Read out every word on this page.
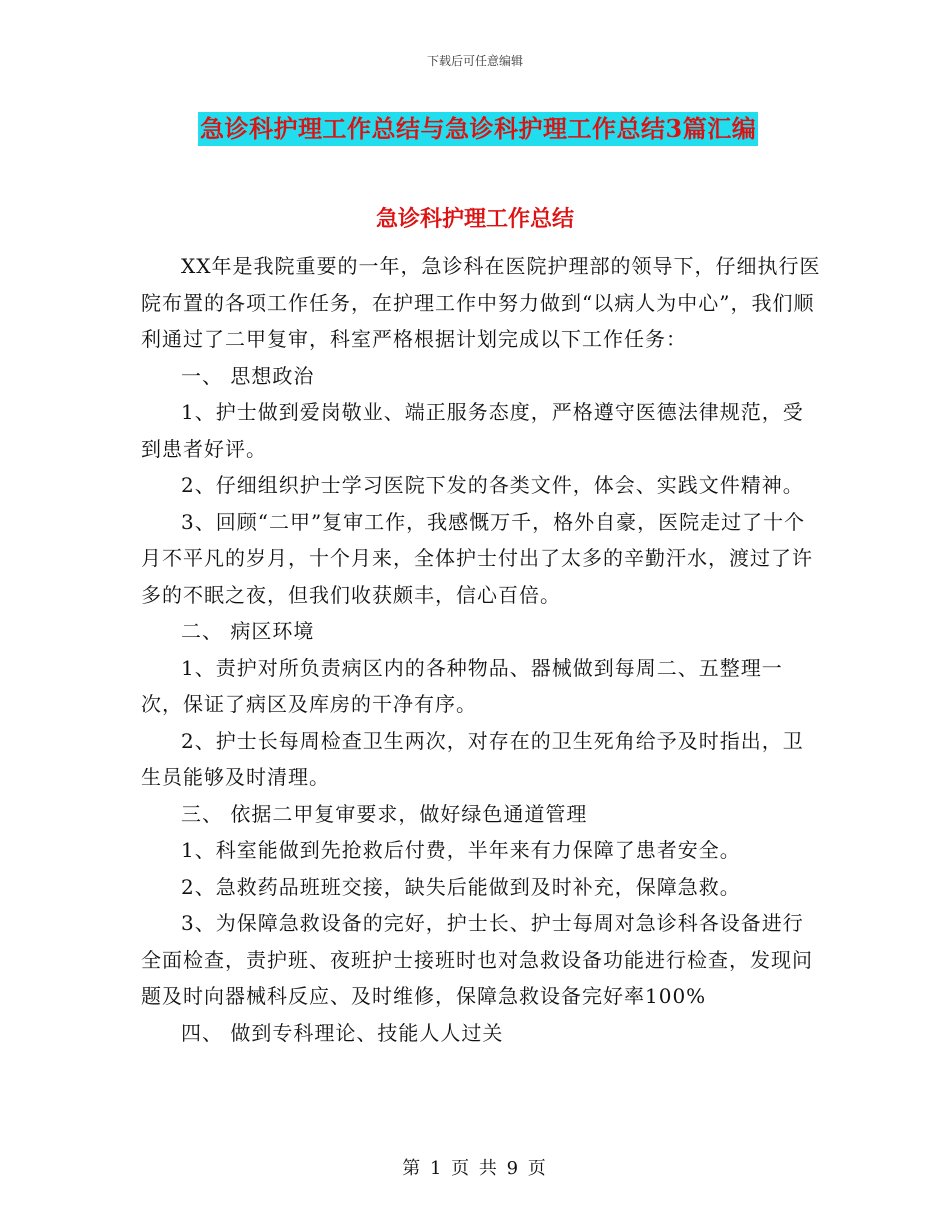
下载后可任意编辑
急诊科护理工作总结与急诊科护理工作总结3篇汇编
急诊科护理工作总结

XX年是我院重要的一年，急诊科在医院护理部的领导下，仔细执行医院布置的各项工作任务，在护理工作中努力做到“以病人为中心”，我们顺利通过了二甲复审，科室严格根据计划完成以下工作任务：

一、 思想政治

1、护士做到爱岗敬业、端正服务态度，严格遵守医德法律规范，受到患者好评。

2、仔细组织护士学习医院下发的各类文件，体会、实践文件精神。

3、回顾“二甲”复审工作，我感慨万千，格外自豪，医院走过了十个月不平凡的岁月，十个月来，全体护士付出了太多的辛勤汗水，渡过了许多的不眠之夜，但我们收获颇丰，信心百倍。

二、 病区环境

1、责护对所负责病区内的各种物品、器械做到每周二、五整理一次，保证了病区及库房的干净有序。

2、护士长每周检查卫生两次，对存在的卫生死角给予及时指出，卫生员能够及时清理。

三、 依据二甲复审要求，做好绿色通道管理

1、科室能做到先抢救后付费，半年来有力保障了患者安全。

2、急救药品班班交接，缺失后能做到及时补充，保障急救。

3、为保障急救设备的完好，护士长、护士每周对急诊科各设备进行全面检查，责护班、夜班护士接班时也对急救设备功能进行检查，发现问题及时向器械科反应、及时维修，保障急救设备完好率100%

四、 做到专科理论、技能人人过关

第 1 页 共 9 页
